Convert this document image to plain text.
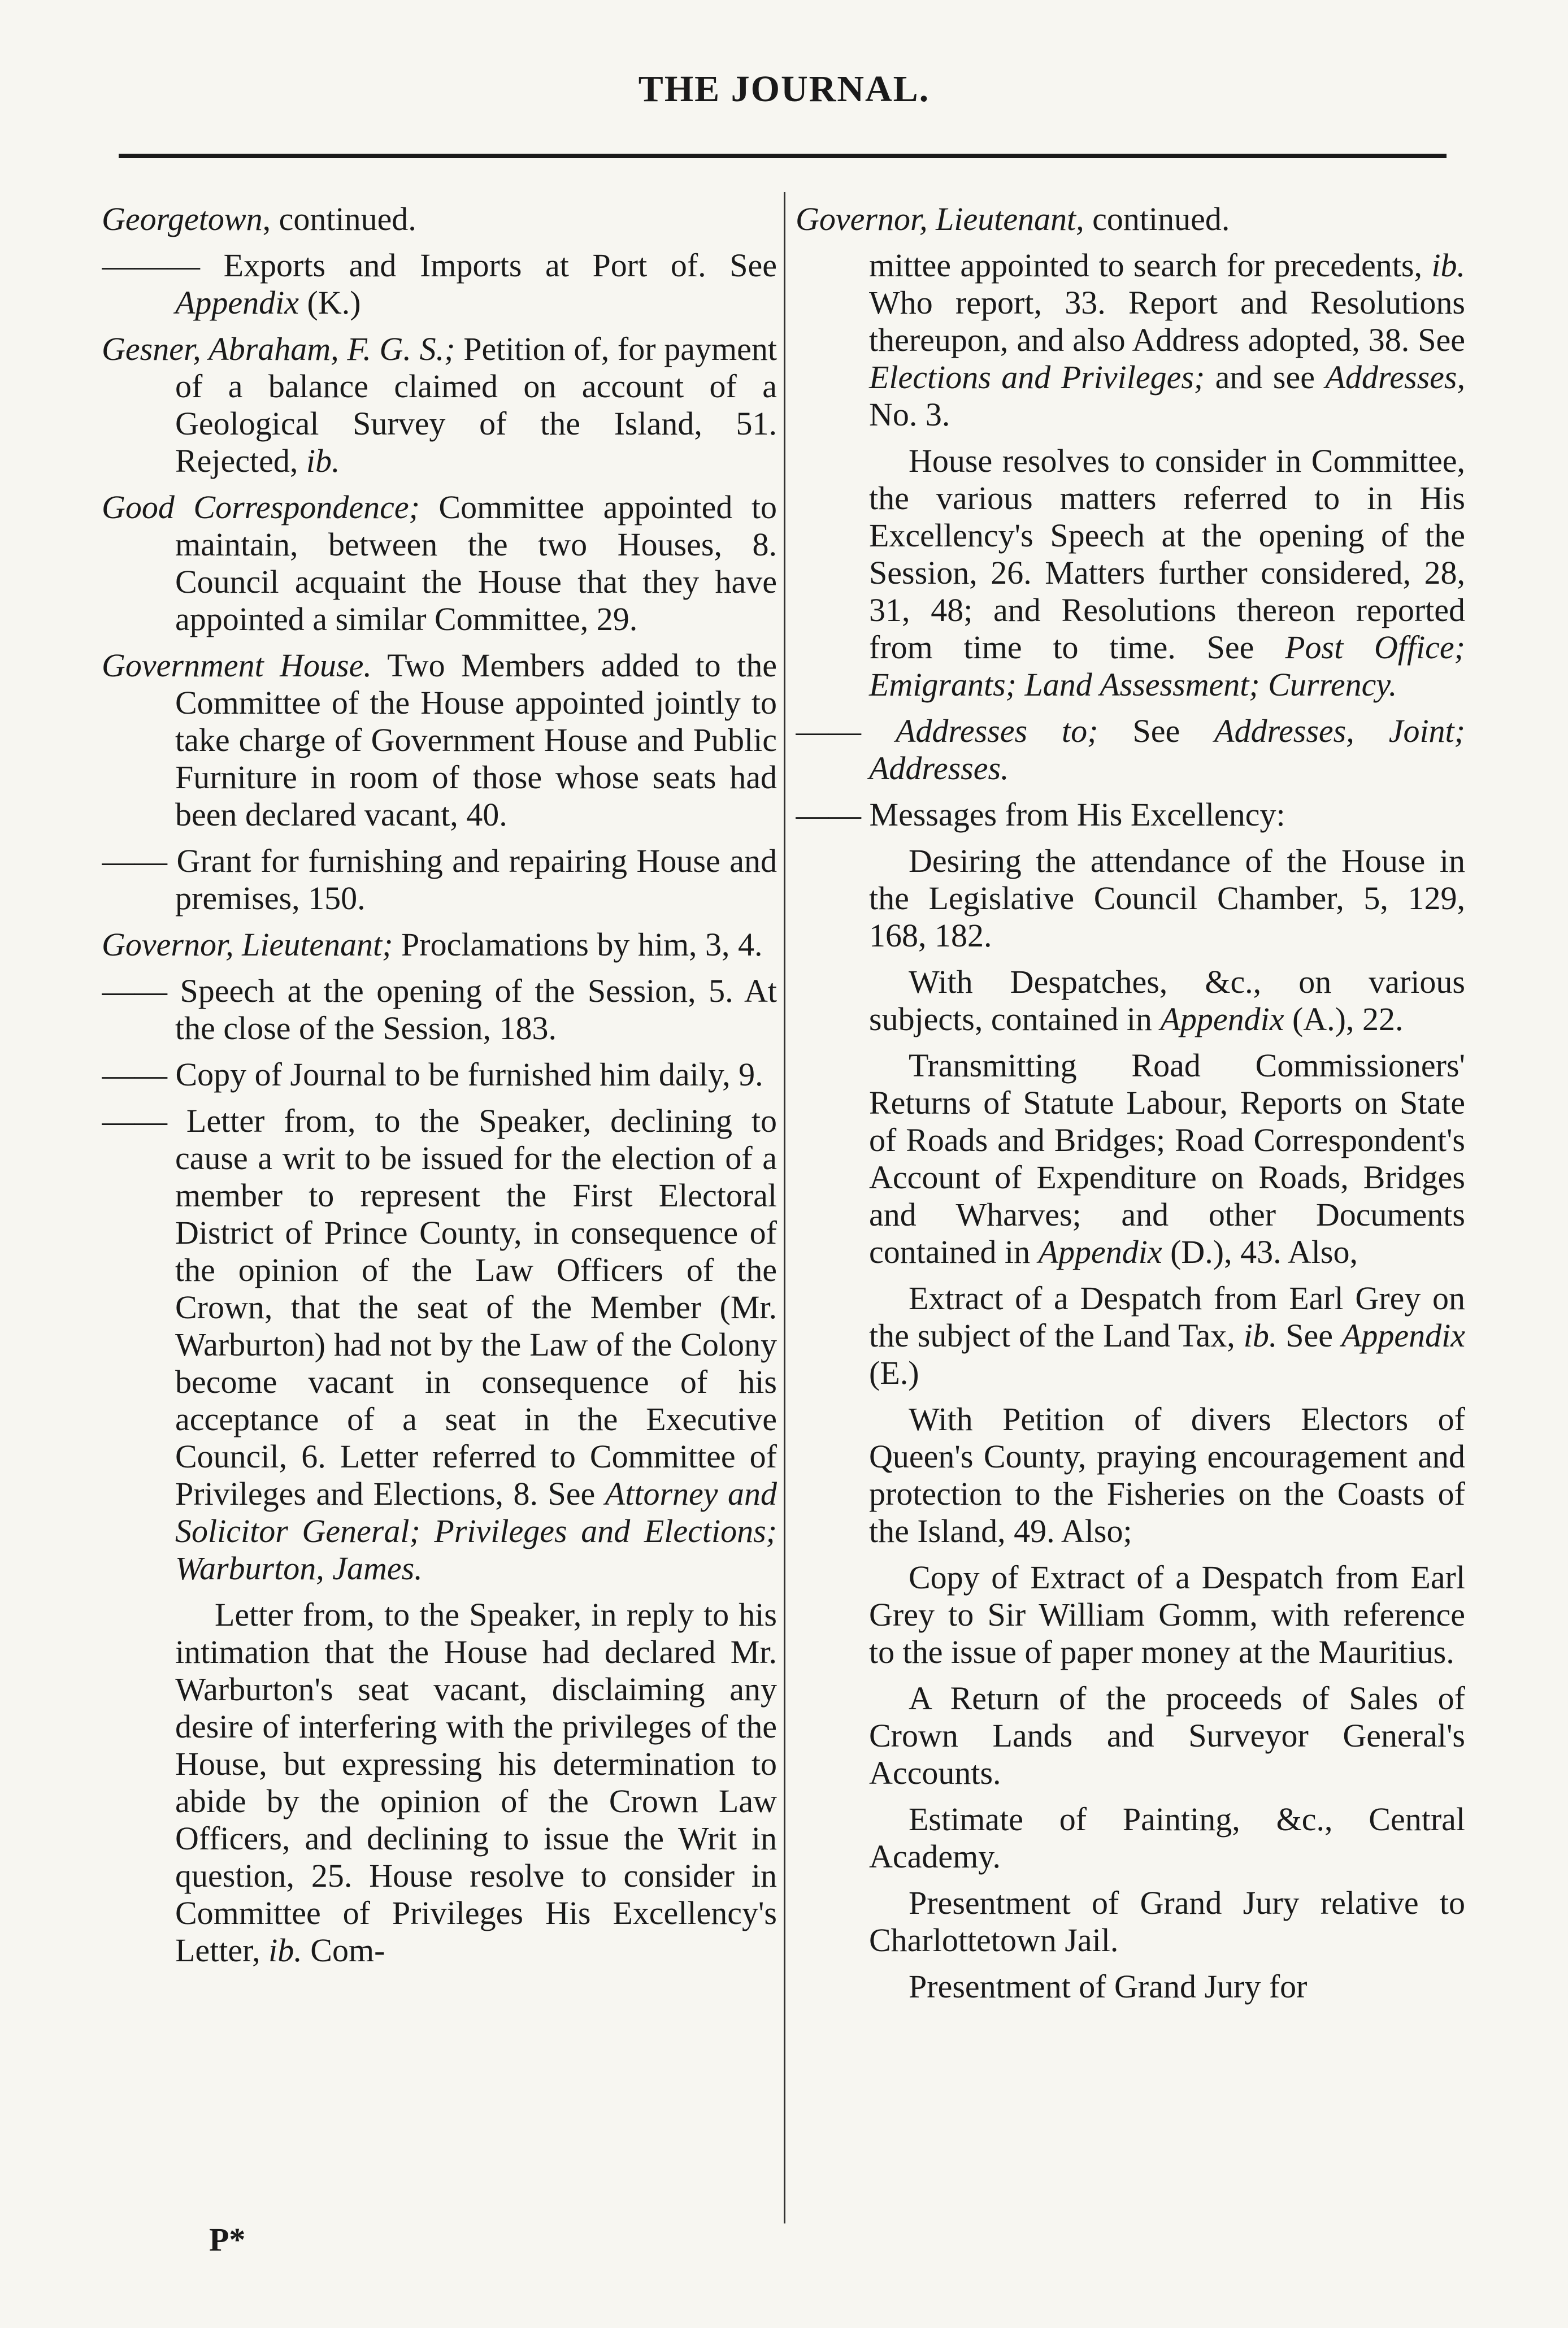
THE JOURNAL.

Georgetown, continued.

——— Exports and Imports at Port of. See Appendix (K.)

Gesner, Abraham, F. G. S.; Petition of, for payment of a balance claimed on account of a Geological Survey of the Island, 51. Rejected, ib.

Good Correspondence; Committee appointed to maintain, between the two Houses, 8. Council acquaint the House that they have appointed a similar Committee, 29.

Government House. Two Members added to the Committee of the House appointed jointly to take charge of Government House and Public Furniture in room of those whose seats had been declared vacant, 40.

—— Grant for furnishing and repairing House and premises, 150.

Governor, Lieutenant; Proclamations by him, 3, 4.

—— Speech at the opening of the Session, 5. At the close of the Session, 183.

—— Copy of Journal to be furnished him daily, 9.

—— Letter from, to the Speaker, declining to cause a writ to be issued for the election of a member to represent the First Electoral District of Prince County, in consequence of the opinion of the Law Officers of the Crown, that the seat of the Member (Mr. Warburton) had not by the Law of the Colony become vacant in consequence of his acceptance of a seat in the Executive Council, 6. Letter referred to Committee of Privileges and Elections, 8. See Attorney and Solicitor General; Privileges and Elections; Warburton, James.

Letter from, to the Speaker, in reply to his intimation that the House had declared Mr. Warburton's seat vacant, disclaiming any desire of interfering with the privileges of the House, but expressing his determination to abide by the opinion of the Crown Law Officers, and declining to issue the Writ in question, 25. House resolve to consider in Committee of Privileges His Excellency's Letter, ib. Com-

Governor, Lieutenant, continued.

mittee appointed to search for precedents, ib. Who report, 33. Report and Resolutions thereupon, and also Address adopted, 38. See Elections and Privileges; and see Addresses, No. 3.

House resolves to consider in Committee, the various matters referred to in His Excellency's Speech at the opening of the Session, 26. Matters further considered, 28, 31, 48; and Resolutions thereon reported from time to time. See Post Office; Emigrants; Land Assessment; Currency.

—— Addresses to; See Addresses, Joint; Addresses.

—— Messages from His Excellency:

Desiring the attendance of the House in the Legislative Council Chamber, 5, 129, 168, 182.

With Despatches, &c., on various subjects, contained in Appendix (A.), 22.

Transmitting Road Commissioners' Returns of Statute Labour, Reports on State of Roads and Bridges; Road Correspondent's Account of Expenditure on Roads, Bridges and Wharves; and other Documents contained in Appendix (D.), 43. Also,

Extract of a Despatch from Earl Grey on the subject of the Land Tax, ib. See Appendix (E.)

With Petition of divers Electors of Queen's County, praying encouragement and protection to the Fisheries on the Coasts of the Island, 49. Also;

Copy of Extract of a Despatch from Earl Grey to Sir William Gomm, with reference to the issue of paper money at the Mauritius.

A Return of the proceeds of Sales of Crown Lands and Surveyor General's Accounts.

Estimate of Painting, &c., Central Academy.

Presentment of Grand Jury relative to Charlottetown Jail.

Presentment of Grand Jury for

P*
